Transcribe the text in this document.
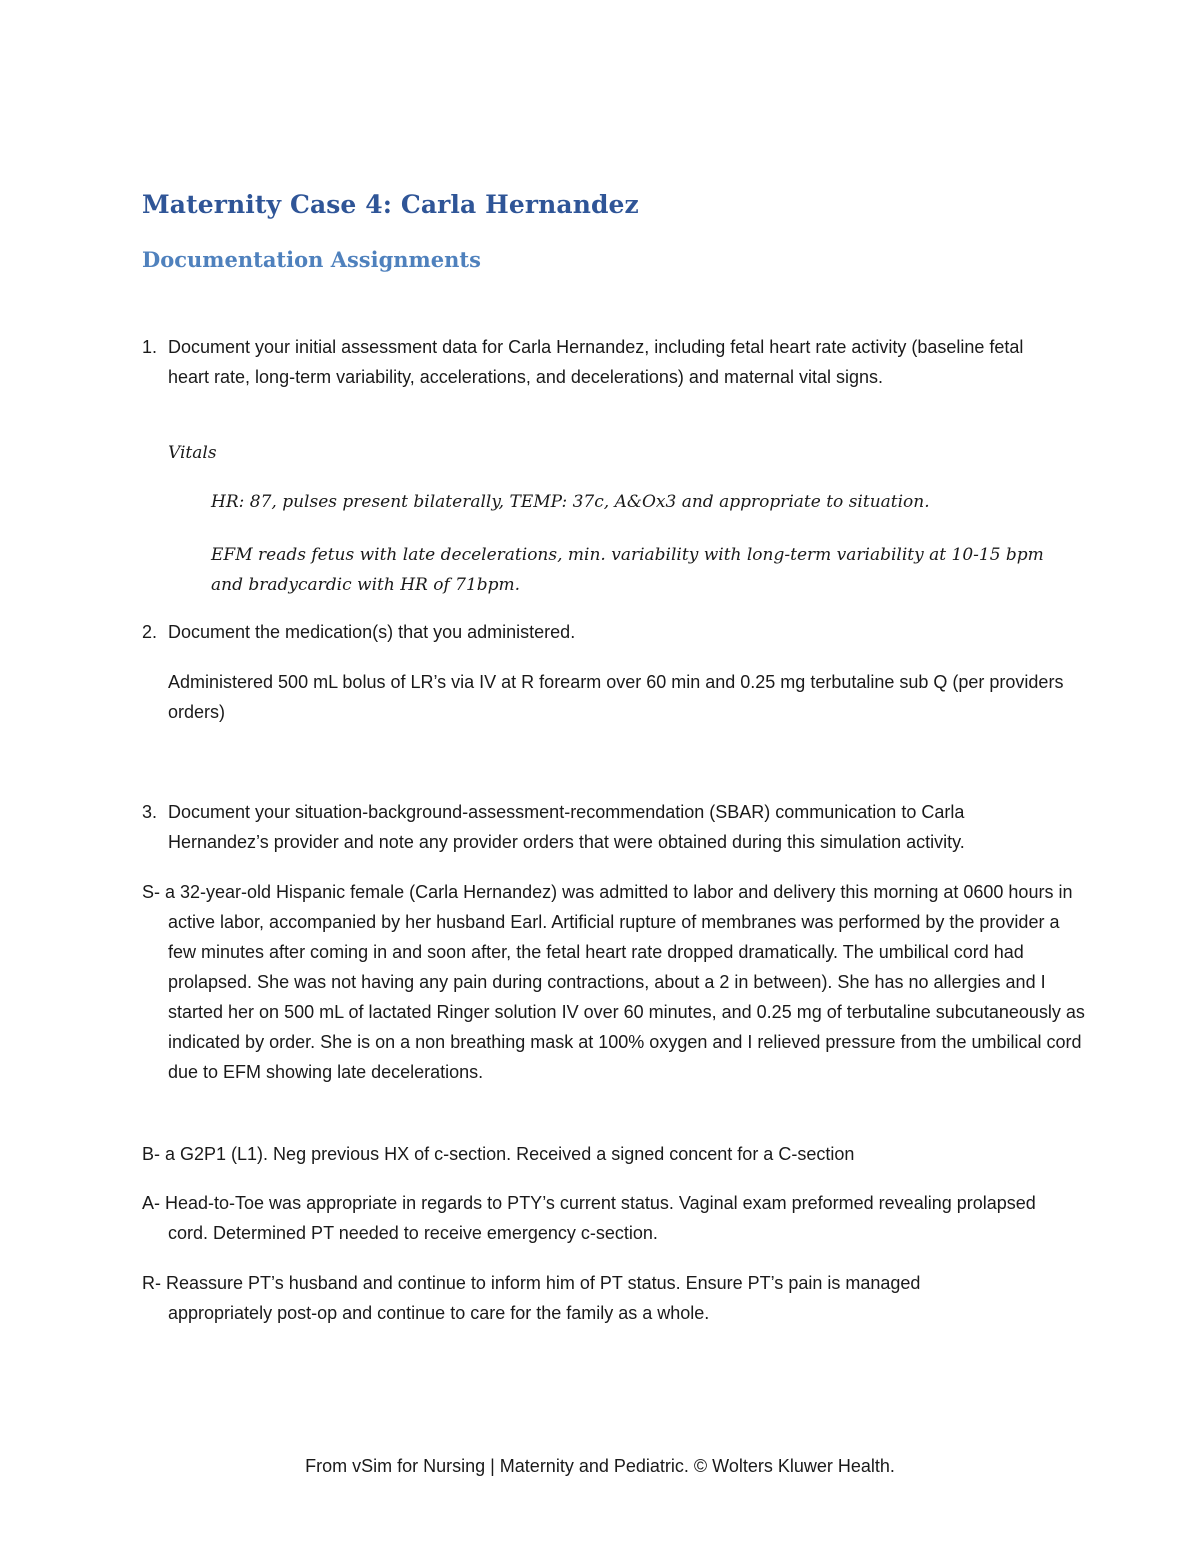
Maternity Case 4: Carla Hernandez
Documentation Assignments
1. Document your initial assessment data for Carla Hernandez, including fetal heart rate activity (baseline fetal heart rate, long-term variability, accelerations, and decelerations) and maternal vital signs.
Vitals
HR: 87, pulses present bilaterally, TEMP: 37c, A&Ox3 and appropriate to situation.
EFM reads fetus with late decelerations, min. variability with long-term variability at 10-15 bpm and bradycardic with HR of 71bpm.
2. Document the medication(s) that you administered.
Administered 500 mL bolus of LR’s via IV at R forearm over 60 min and 0.25 mg terbutaline sub Q (per providers orders)
3. Document your situation-background-assessment-recommendation (SBAR) communication to Carla Hernandez’s provider and note any provider orders that were obtained during this simulation activity.
S- a 32-year-old Hispanic female (Carla Hernandez) was admitted to labor and delivery this morning at 0600 hours in active labor, accompanied by her husband Earl. Artificial rupture of membranes was performed by the provider a few minutes after coming in and soon after, the fetal heart rate dropped dramatically. The umbilical cord had prolapsed. She was not having any pain during contractions, about a 2 in between). She has no allergies and I started her on 500 mL of lactated Ringer solution IV over 60 minutes, and 0.25 mg of terbutaline subcutaneously as indicated by order. She is on a non breathing mask at 100% oxygen and I relieved pressure from the umbilical cord due to EFM showing late decelerations.
B- a G2P1 (L1). Neg previous HX of c-section. Received a signed concent for a C-section
A- Head-to-Toe was appropriate in regards to PTY’s current status. Vaginal exam preformed revealing prolapsed cord. Determined PT needed to receive emergency c-section.
R- Reassure PT’s husband and continue to inform him of PT status. Ensure PT’s pain is managed appropriately post-op and continue to care for the family as a whole.
From vSim for Nursing | Maternity and Pediatric. © Wolters Kluwer Health.
